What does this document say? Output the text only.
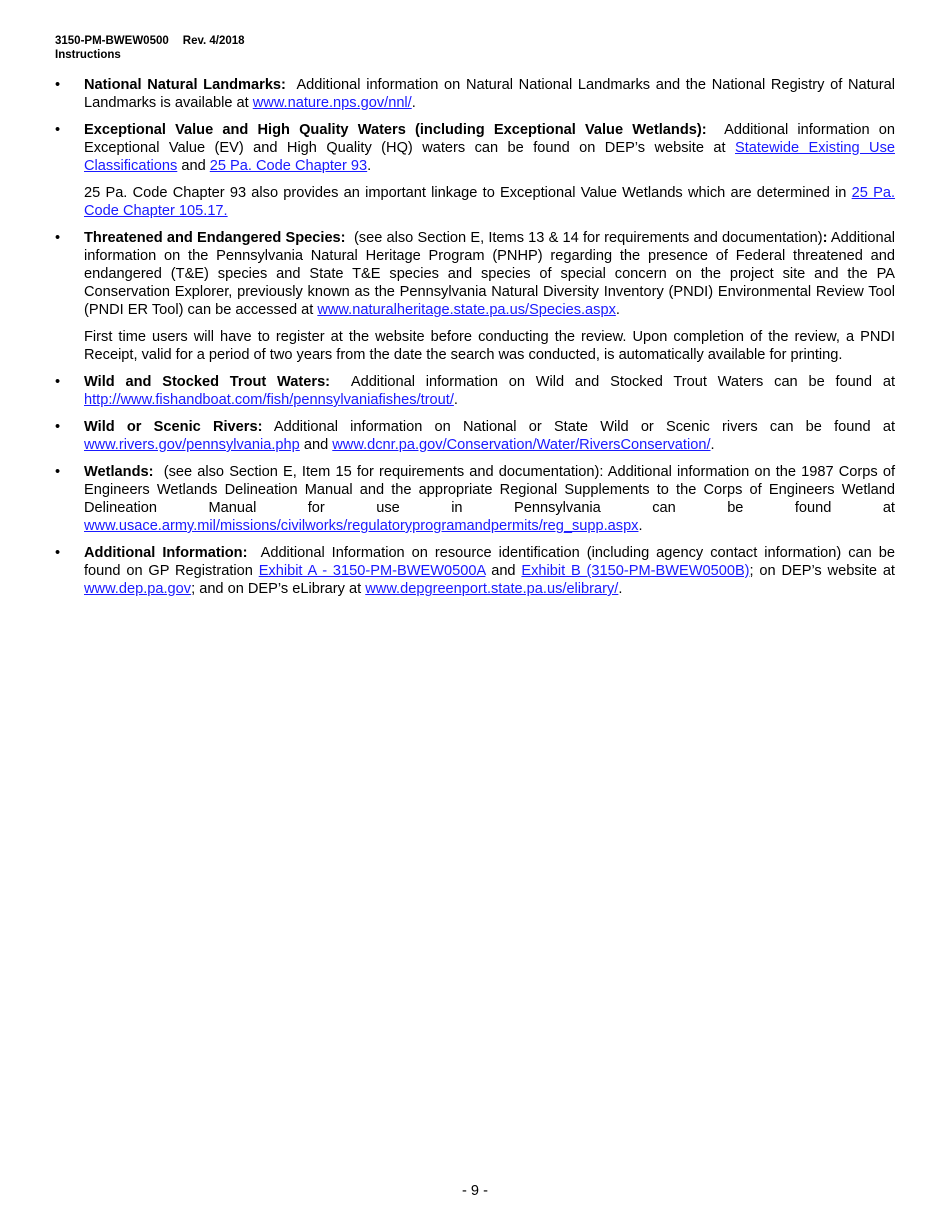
3150-PM-BWEW0500 Rev. 4/2018
Instructions
• National Natural Landmarks: Additional information on Natural National Landmarks and the National Registry of Natural Landmarks is available at www.nature.nps.gov/nnl/.

• Exceptional Value and High Quality Waters (including Exceptional Value Wetlands): Additional information on Exceptional Value (EV) and High Quality (HQ) waters can be found on DEP’s website at Statewide Existing Use Classifications and 25 Pa. Code Chapter 93.

25 Pa. Code Chapter 93 also provides an important linkage to Exceptional Value Wetlands which are determined in 25 Pa. Code Chapter 105.17.

• Threatened and Endangered Species: (see also Section E, Items 13 & 14 for requirements and documentation): Additional information on the Pennsylvania Natural Heritage Program (PNHP) regarding the presence of Federal threatened and endangered (T&E) species and State T&E species and species of special concern on the project site and the PA Conservation Explorer, previously known as the Pennsylvania Natural Diversity Inventory (PNDI) Environmental Review Tool (PNDI ER Tool) can be accessed at www.naturalheritage.state.pa.us/Species.aspx.

First time users will have to register at the website before conducting the review. Upon completion of the review, a PNDI Receipt, valid for a period of two years from the date the search was conducted, is automatically available for printing.

• Wild and Stocked Trout Waters: Additional information on Wild and Stocked Trout Waters can be found at http://www.fishandboat.com/fish/pennsylvaniafishes/trout/.

• Wild or Scenic Rivers: Additional information on National or State Wild or Scenic rivers can be found at www.rivers.gov/pennsylvania.php and www.dcnr.pa.gov/Conservation/Water/RiversConservation/.

• Wetlands: (see also Section E, Item 15 for requirements and documentation): Additional information on the 1987 Corps of Engineers Wetlands Delineation Manual and the appropriate Regional Supplements to the Corps of Engineers Wetland Delineation Manual for use in Pennsylvania can be found at www.usace.army.mil/missions/civilworks/regulatoryprogramandpermits/reg_supp.aspx.

• Additional Information: Additional Information on resource identification (including agency contact information) can be found on GP Registration Exhibit A - 3150-PM-BWEW0500A and Exhibit B (3150-PM-BWEW0500B); on DEP’s website at www.dep.pa.gov; and on DEP’s eLibrary at www.depgreenport.state.pa.us/elibrary/.

- 9 -
